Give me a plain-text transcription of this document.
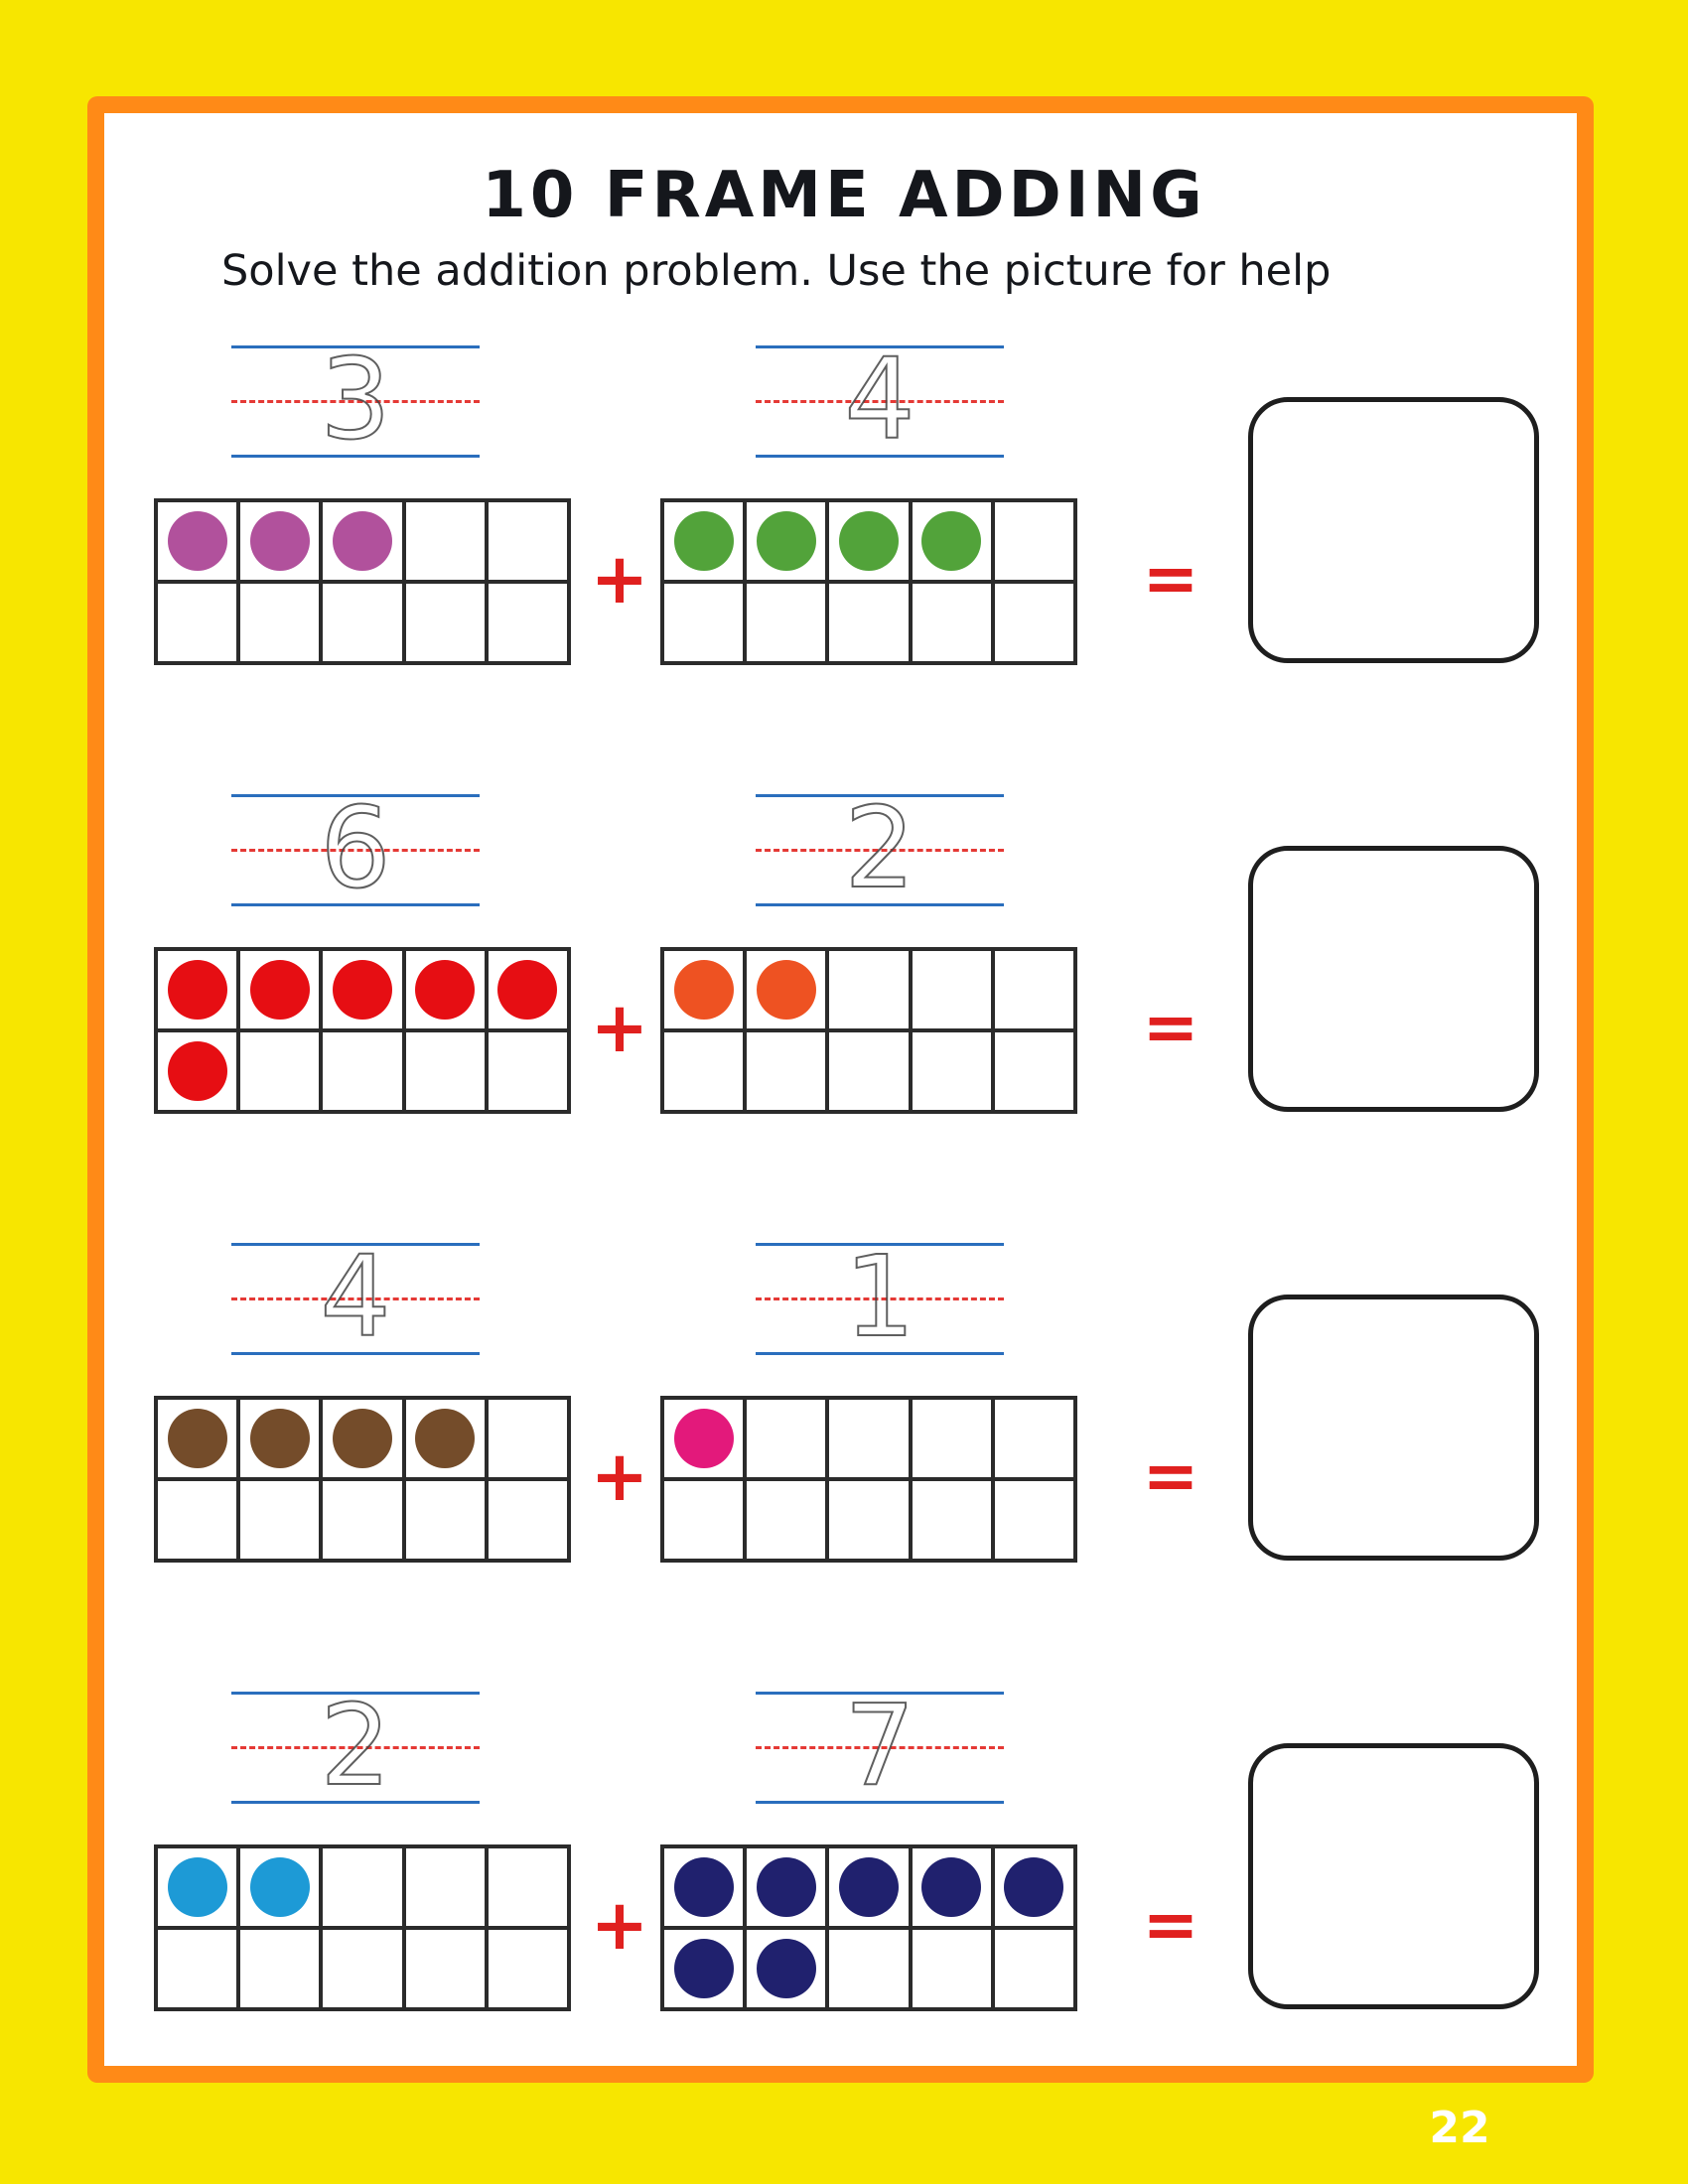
10 FRAME ADDING

Solve the addition problem. Use the picture for help

3	4
+	=
6	2
+	=
4	1
+	=
2	7
+	=
22
